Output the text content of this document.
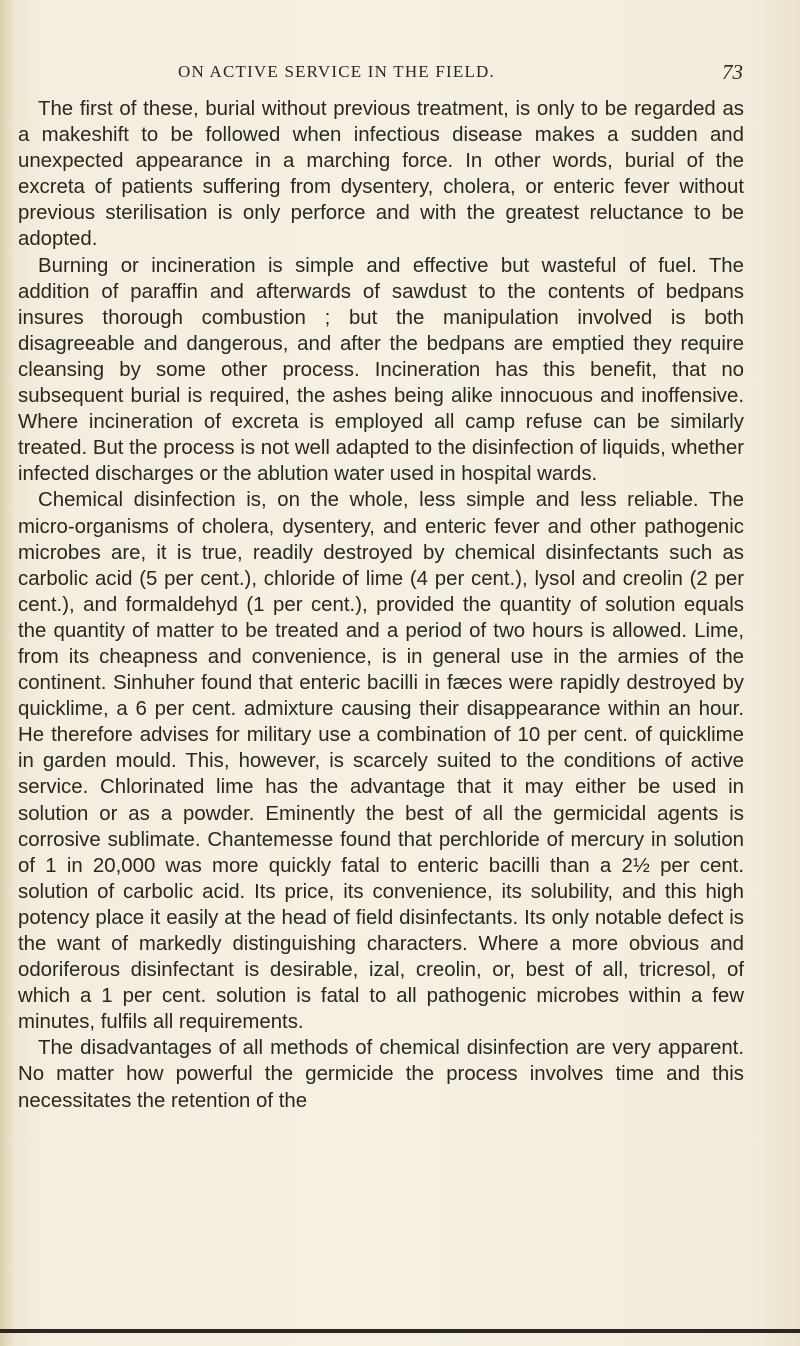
ON ACTIVE SERVICE IN THE FIELD.	73

The first of these, burial without previous treatment, is only to be regarded as a makeshift to be followed when infectious disease makes a sudden and unexpected appearance in a marching force. In other words, burial of the excreta of patients suffering from dysentery, cholera, or enteric fever without previous sterilisation is only perforce and with the greatest reluctance to be adopted.

Burning or incineration is simple and effective but wasteful of fuel. The addition of paraffin and afterwards of sawdust to the contents of bedpans insures thorough combustion ; but the manipulation involved is both disagreeable and dangerous, and after the bedpans are emptied they require cleansing by some other process. Incineration has this benefit, that no subsequent burial is required, the ashes being alike innocuous and inoffensive. Where incineration of excreta is employed all camp refuse can be similarly treated. But the process is not well adapted to the disinfection of liquids, whether infected discharges or the ablution water used in hospital wards.

Chemical disinfection is, on the whole, less simple and less reliable. The micro-organisms of cholera, dysentery, and enteric fever and other pathogenic microbes are, it is true, readily destroyed by chemical disinfectants such as carbolic acid (5 per cent.), chloride of lime (4 per cent.), lysol and creolin (2 per cent.), and formaldehyd (1 per cent.), provided the quantity of solution equals the quantity of matter to be treated and a period of two hours is allowed. Lime, from its cheapness and convenience, is in general use in the armies of the continent. Sinhuher found that enteric bacilli in fæces were rapidly destroyed by quicklime, a 6 per cent. admixture causing their disappearance within an hour. He therefore advises for military use a combination of 10 per cent. of quicklime in garden mould. This, however, is scarcely suited to the conditions of active service. Chlorinated lime has the advantage that it may either be used in solution or as a powder. Eminently the best of all the germicidal agents is corrosive sublimate. Chantemesse found that perchloride of mercury in solution of 1 in 20,000 was more quickly fatal to enteric bacilli than a 2½ per cent. solution of carbolic acid. Its price, its convenience, its solubility, and this high potency place it easily at the head of field disinfectants. Its only notable defect is the want of markedly distinguishing characters. Where a more obvious and odoriferous disinfectant is desirable, izal, creolin, or, best of all, tricresol, of which a 1 per cent. solution is fatal to all pathogenic microbes within a few minutes, fulfils all requirements.

The disadvantages of all methods of chemical disinfection are very apparent. No matter how powerful the germicide the process involves time and this necessitates the retention of the
